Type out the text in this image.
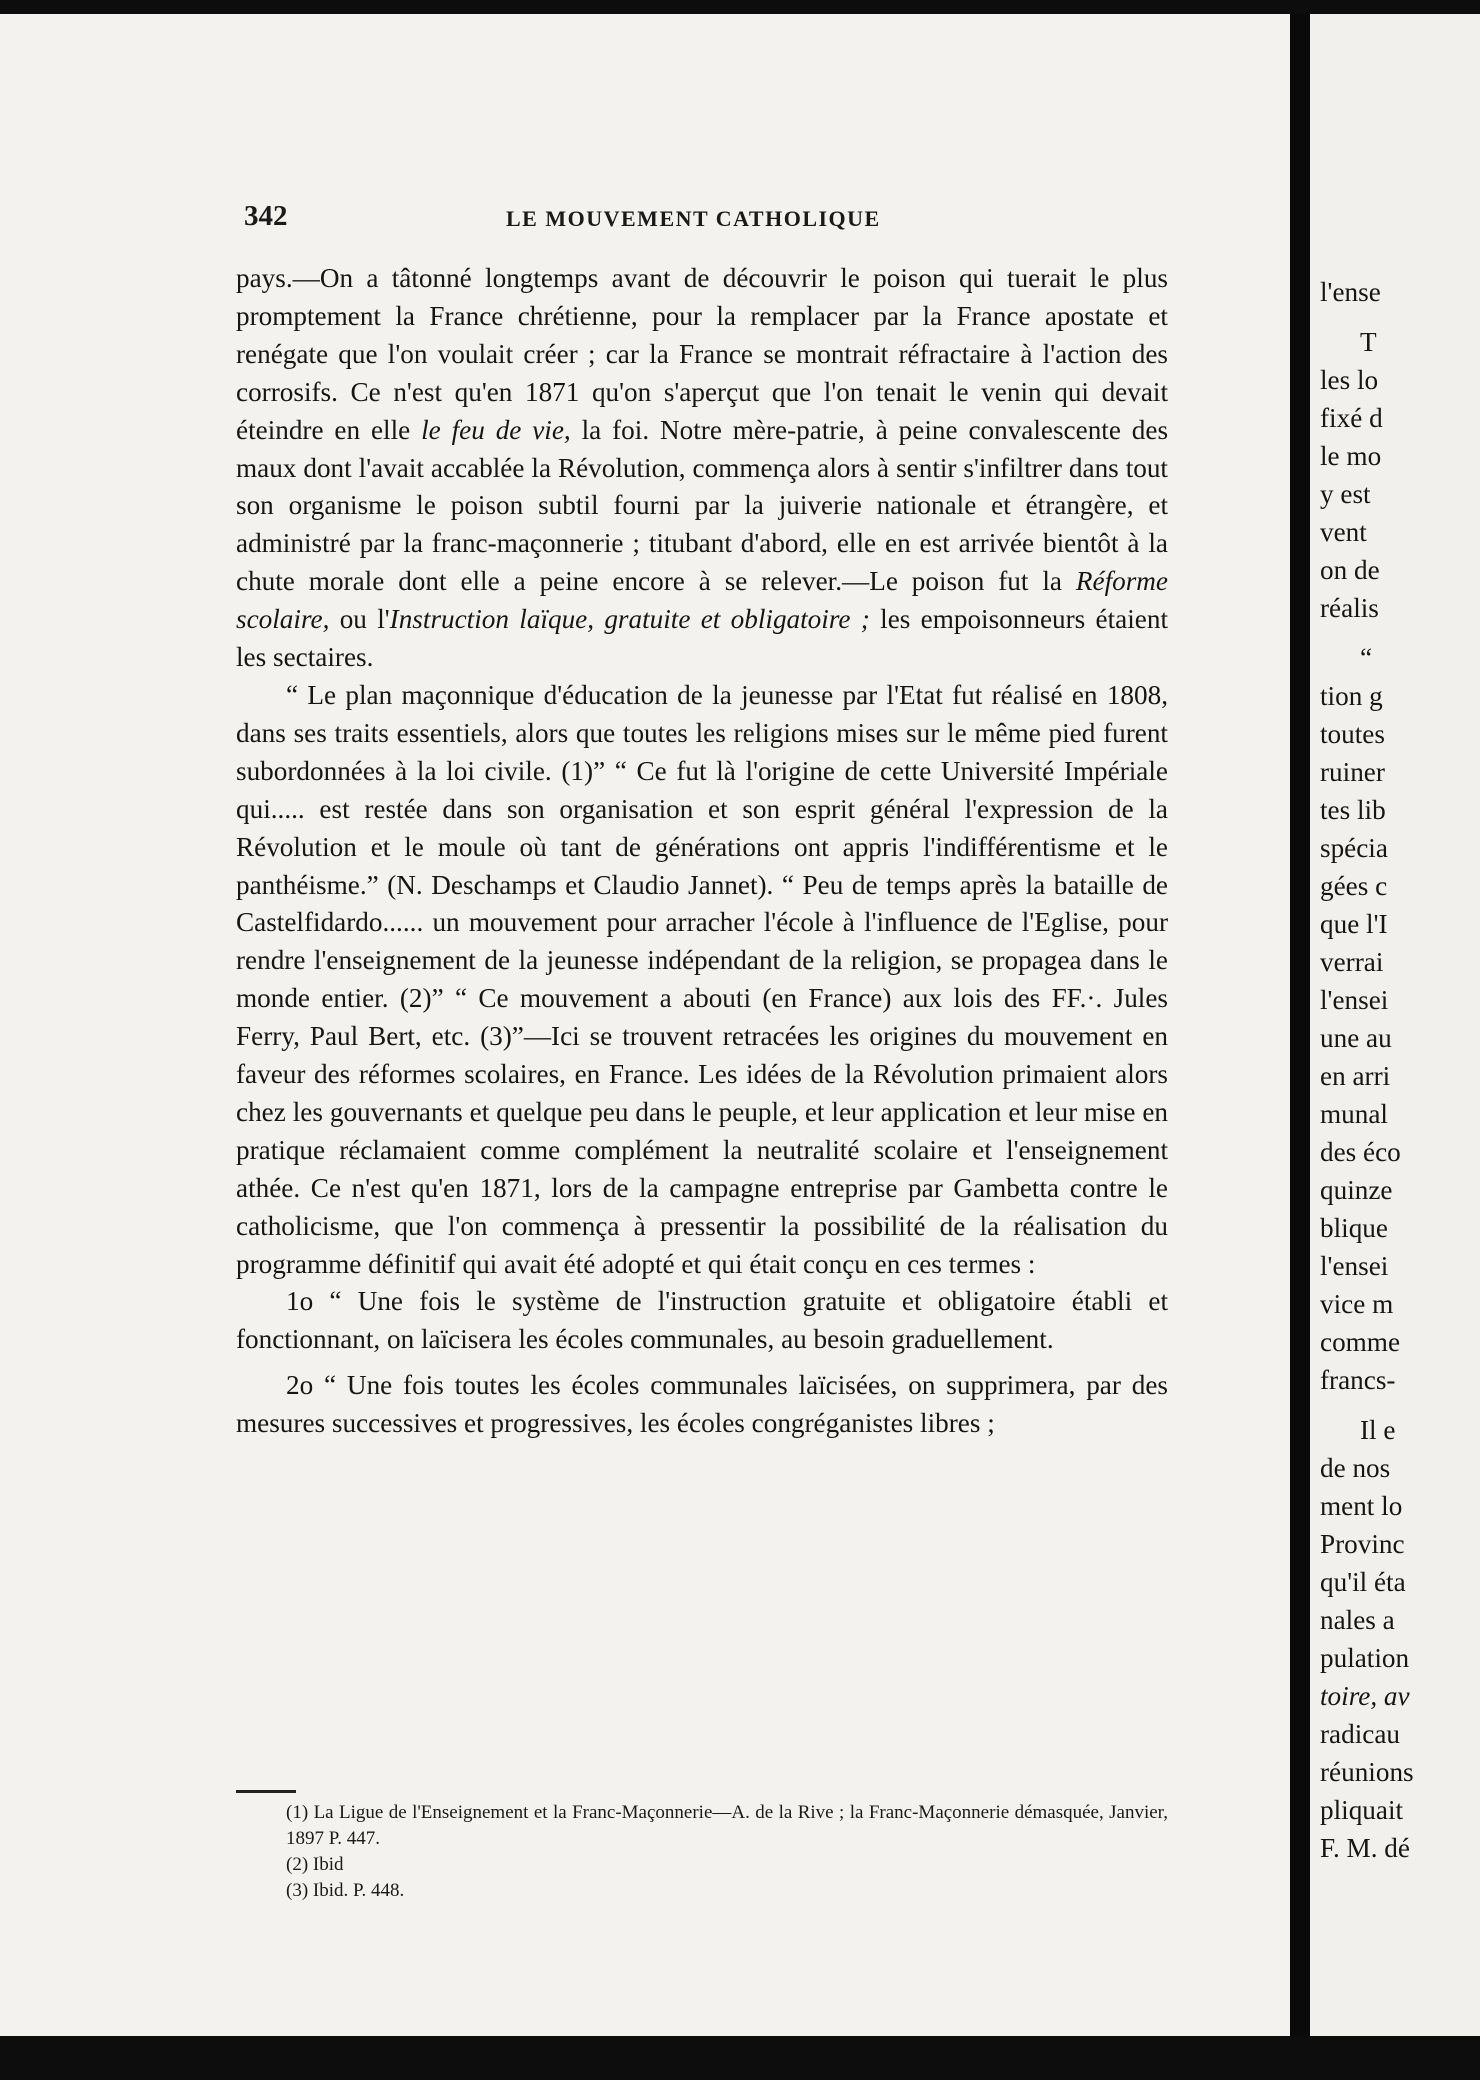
342	LE MOUVEMENT CATHOLIQUE

pays.—On a tâtonné longtemps avant de découvrir le poison qui tuerait le plus promptement la France chrétienne, pour la remplacer par la France apostate et renégate que l'on voulait créer ; car la France se montrait réfractaire à l'action des corrosifs. Ce n'est qu'en 1871 qu'on s'aperçut que l'on tenait le venin qui devait éteindre en elle le feu de vie, la foi. Notre mère-patrie, à peine convalescente des maux dont l'avait accablée la Révolution, commença alors à sentir s'infiltrer dans tout son organisme le poison subtil fourni par la juiverie nationale et étrangère, et administré par la franc-maçonnerie ; titubant d'abord, elle en est arrivée bientôt à la chute morale dont elle a peine encore à se relever.—Le poison fut la Réforme scolaire, ou l'Instruction laïque, gratuite et obligatoire ; les empoisonneurs étaient les sectaires.

“ Le plan maçonnique d'éducation de la jeunesse par l'Etat fut réalisé en 1808, dans ses traits essentiels, alors que toutes les religions mises sur le même pied furent subordonnées à la loi civile. (1)” “ Ce fut là l'origine de cette Université Impériale qui..... est restée dans son organisation et son esprit général l'expression de la Révolution et le moule où tant de générations ont appris l'indifférentisme et le panthéisme.” (N. Deschamps et Claudio Jannet). “ Peu de temps après la bataille de Castelfidardo...... un mouvement pour arracher l'école à l'influence de l'Eglise, pour rendre l'enseignement de la jeunesse indépendant de la religion, se propagea dans le monde entier. (2)” “ Ce mouvement a abouti (en France) aux lois des FF.·. Jules Ferry, Paul Bert, etc. (3)”—Ici se trouvent retracées les origines du mouvement en faveur des réformes scolaires, en France. Les idées de la Révolution primaient alors chez les gouvernants et quelque peu dans le peuple, et leur application et leur mise en pratique réclamaient comme complément la neutralité scolaire et l'enseignement athée. Ce n'est qu'en 1871, lors de la campagne entreprise par Gambetta contre le catholicisme, que l'on commença à pressentir la possibilité de la réalisation du programme définitif qui avait été adopté et qui était conçu en ces termes :

1o “ Une fois le système de l'instruction gratuite et obligatoire établi et fonctionnant, on laïcisera les écoles communales, au besoin graduellement.

2o “ Une fois toutes les écoles communales laïcisées, on supprimera, par des mesures successives et progressives, les écoles congréganistes libres ;

(1) La Ligue de l'Enseignement et la Franc-Maçonnerie—A. de la Rive ; la Franc-Maçonnerie démasquée, Janvier, 1897 P. 447.

(2) Ibid

(3) Ibid. P. 448.

l'ense
T
les lo
fixé d
le mo
y est
vent
on de
réalis
“
tion g
toutes
ruiner
tes lib
spécia
gées c
que l'I
verrai
l'ensei
une au
en arri
munal
des éco
quinze
blique
l'ensei
vice m
comme
francs-
Il e
de nos
ment lo
Provinc
qu'il éta
nales a
pulation
toire, av
radicau
réunions
pliquait
F. M. dé
